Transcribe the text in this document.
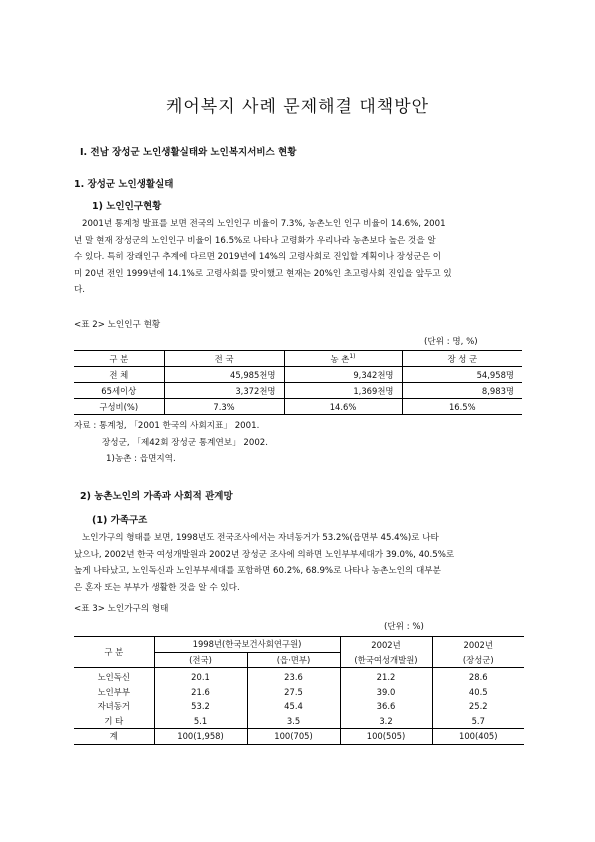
케어복지 사례 문제해결 대책방안
Ⅰ. 전남 장성군 노인생활실태와 노인복지서비스 현황
1. 장성군 노인생활실태
1) 노인인구현황
2001년 통계청 발표를 보면 전국의 노인인구 비율이 7.3%, 농촌노인 인구 비율이 14.6%, 2001
년 말 현재 장성군의 노인인구 비율이 16.5%로 나타나 고령화가 우리나라 농촌보다 높은 것을 알
수 있다. 특히 장래인구 추계에 다르면 2019년에 14%의 고령사회로 진입할 계획이나 장성군은 이
미 20년 전인 1999년에 14.1%로 고령사회를 맞이했고 현재는 20%인 초고령사회 진입을 앞두고 있
다.
<표 2> 노인인구 현황
(단위 : 명, %)
구 분	전 국	농 촌$^{1)}$	장 성 군
전 체	45,985천명	9,342천명	54,958명
65세이상	3,372천명	1,369천명	8,983명
구성비(%)	7.3%	14.6%	16.5%
자료 : 통계청, 「2001 한국의 사회지표」 2001.
장성군, 「제42회 장성군 통계연보」 2002.
1)농촌 : 읍면지역.
2) 농촌노인의 가족과 사회적 관계망
(1) 가족구조
노인가구의 형태를 보면, 1998년도 전국조사에서는 자녀동거가 53.2%(읍면부 45.4%)로 나타
났으나, 2002년 한국 여성개발원과 2002년 장성군 조사에 의하면 노인부부세대가 39.0%, 40.5%로
높게 나타났고, 노인독신과 노인부부세대를 포함하면 60.2%, 68.9%로 나타나 농촌노인의 대부분
은 혼자 또는 부부가 생활한 것을 알 수 있다.
<표 3> 노인가구의 형태
(단위 : %)
구 분	1998년(한국보건사회연구원)		2002년	2002년
	(전국)	(읍·면부)	(한국여성개발원)	(장성군)
노인독신	20.1	23.6	21.2	28.6
노인부부	21.6	27.5	39.0	40.5
자녀동거	53.2	45.4	36.6	25.2
기 타	5.1	3.5	3.2	5.7
계	100(1,958)	100(705)	100(505)	100(405)
